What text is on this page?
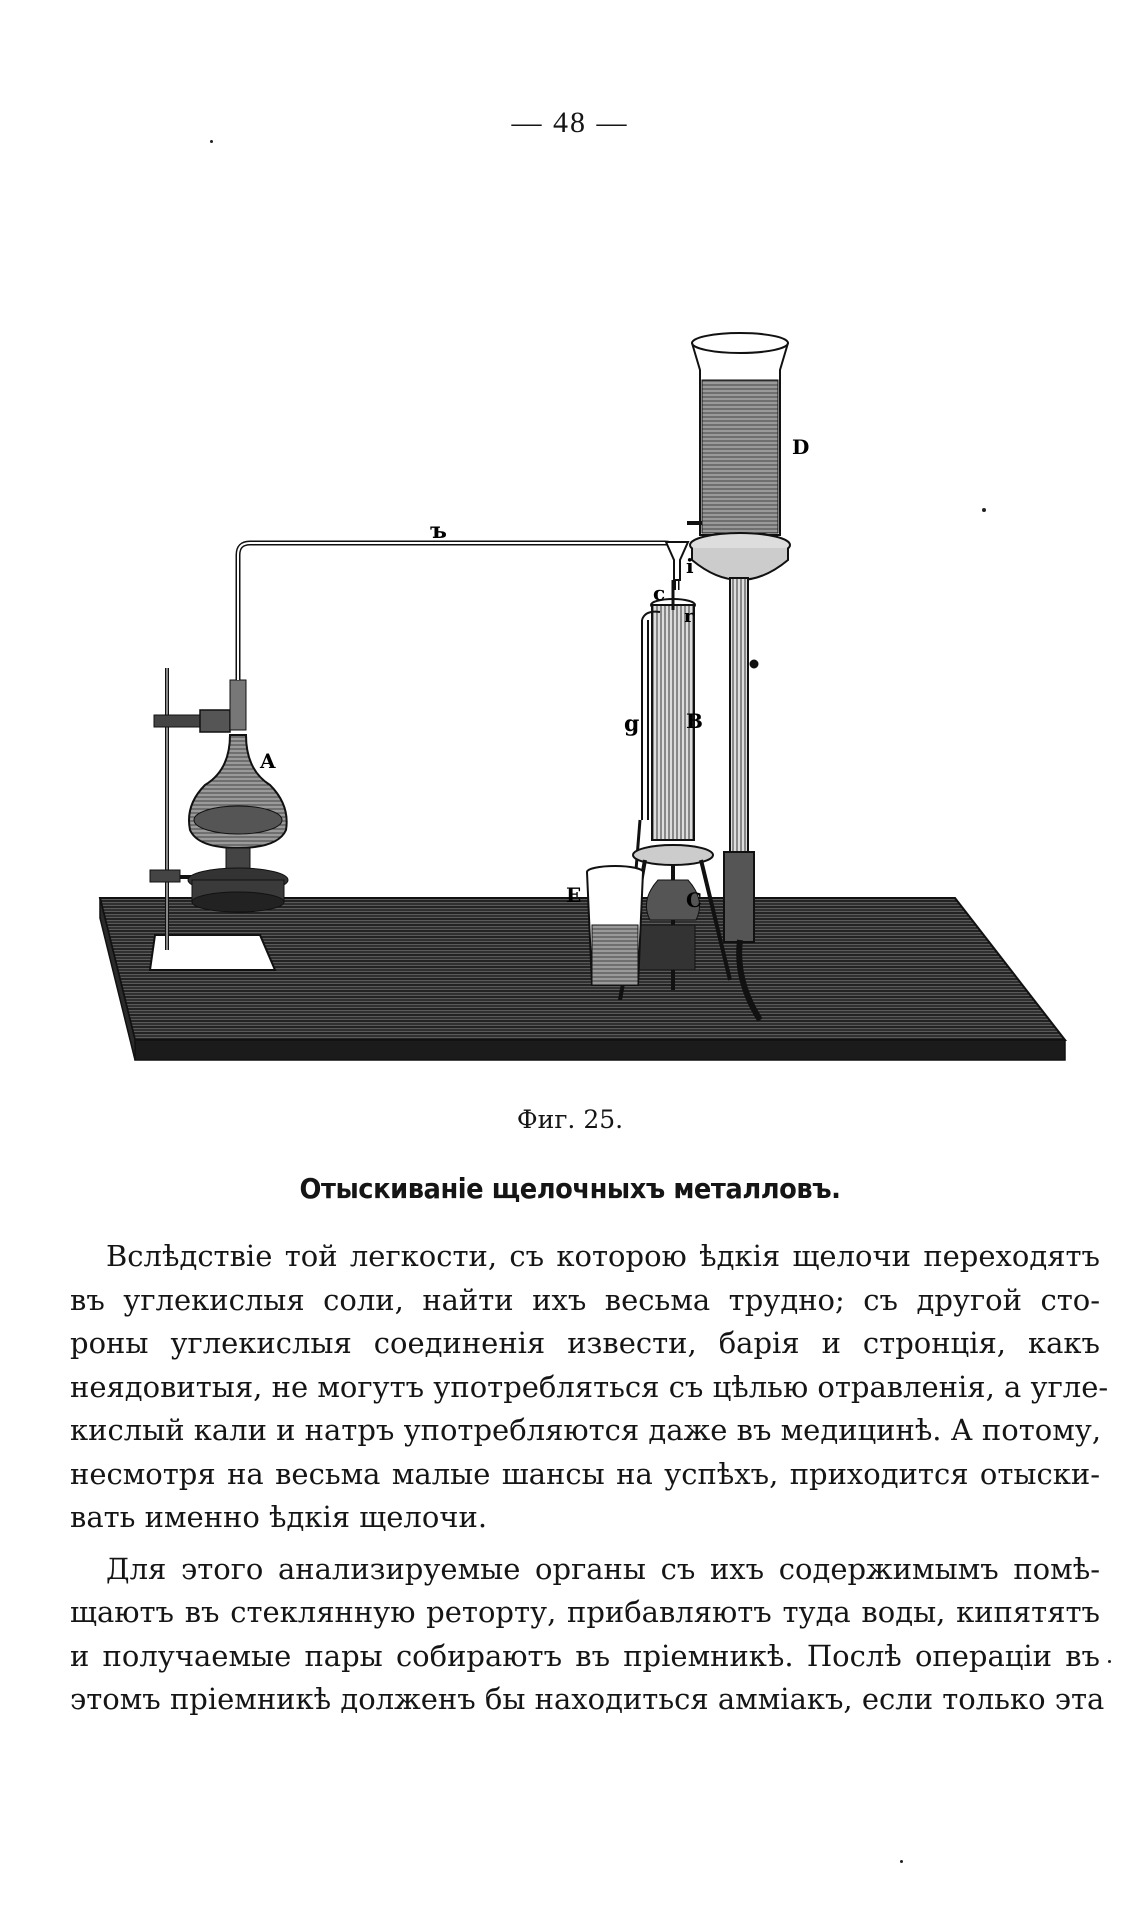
— 48 —
ъ
i
c
r
D
A
g B
E	C
Фиг. 25.
Отыскиваніе щелочныхъ металловъ.
Вслѣдствіе той легкости, съ которою ѣдкія щелочи переходятъ
въ углекислыя соли, найти ихъ весьма трудно; съ другой сто-
роны углекислыя соединенія извести, барія и стронція, какъ
неядовитыя, не могутъ употребляться съ цѣлью отравленія, а угле-
кислый кали и натръ употребляются даже въ медицинѣ. А потому,
несмотря на весьма малые шансы на успѣхъ, приходится отыски-
вать именно ѣдкія щелочи.
Для этого анализируемые органы съ ихъ содержимымъ помѣ-
щаютъ въ стеклянную реторту, прибавляютъ туда воды, кипятятъ
и получаемые пары собираютъ въ пріемникѣ. Послѣ операціи въ
этомъ пріемникѣ долженъ бы находиться амміакъ, если только эта
